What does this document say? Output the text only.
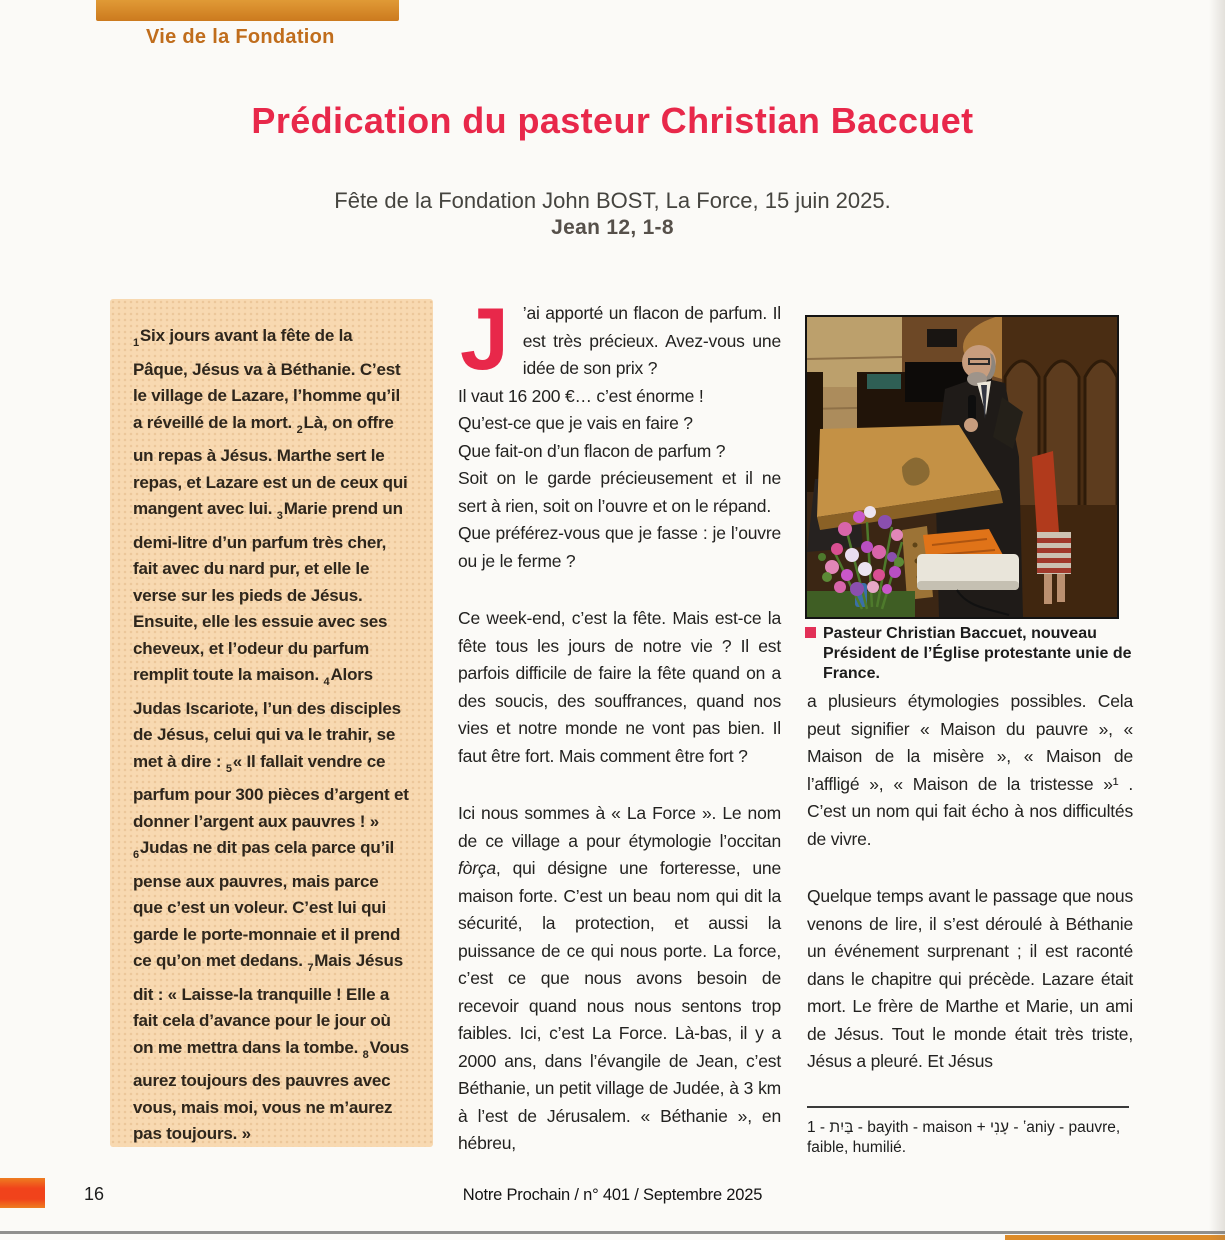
Vie de la Fondation
Prédication du pasteur Christian Baccuet
Fête de la Fondation John BOST, La Force, 15 juin 2025.
Jean 12, 1-8

$_1$Six jours avant la fête de la Pâque, Jésus va à Béthanie. C’est le village de Lazare, l’homme qu’il a réveillé de la mort. $_2$Là, on offre un repas à Jésus. Marthe sert le repas, et Lazare est un de ceux qui mangent avec lui. $_3$Marie prend un demi-litre d’un parfum très cher, fait avec du nard pur, et elle le verse sur les pieds de Jésus. Ensuite, elle les essuie avec ses cheveux, et l’odeur du parfum remplit toute la maison. $_4$Alors Judas Iscariote, l’un des disciples de Jésus, celui qui va le trahir, se met à dire : $_5$« Il fallait vendre ce parfum pour 300 pièces d’argent et donner l’argent aux pauvres ! » $_6$Judas ne dit pas cela parce qu’il pense aux pauvres, mais parce que c’est un voleur. C’est lui qui garde le porte-monnaie et il prend ce qu’on met dedans. $_7$Mais Jésus dit : « Laisse-la tranquille ! Elle a fait cela d’avance pour le jour où on me mettra dans la tombe. $_8$Vous aurez toujours des pauvres avec vous, mais moi, vous ne m’aurez pas toujours. »

J ’ai apporté un flacon de parfum. Il est très précieux. Avez-vous une idée de son prix ?
Il vaut 16 200 €… c’est énorme !
Qu’est-ce que je vais en faire ?
Que fait-on d’un flacon de parfum ?
Soit on le garde précieusement et il ne sert à rien, soit on l’ouvre et on le répand.
Que préférez-vous que je fasse : je l’ouvre ou je le ferme ?

Ce week-end, c’est la fête. Mais est-ce la fête tous les jours de notre vie ? Il est parfois difficile de faire la fête quand on a des soucis, des souffrances, quand nos vies et notre monde ne vont pas bien. Il faut être fort. Mais comment être fort ?

Ici nous sommes à « La Force ». Le nom de ce village a pour étymologie l’occitan fòrça, qui désigne une forteresse, une maison forte. C’est un beau nom qui dit la sécurité, la protection, et aussi la puissance de ce qui nous porte. La force, c’est ce que nous avons besoin de recevoir quand nous nous sentons trop faibles. Ici, c’est La Force. Là-bas, il y a 2000 ans, dans l’évangile de Jean, c’est Béthanie, un petit village de Judée, à 3 km à l’est de Jérusalem. « Béthanie », en hébreu,

Pasteur Christian Baccuet, nouveau Président de l’Église protestante unie de France.

a plusieurs étymologies possibles. Cela peut signifier « Maison du pauvre », « Maison de la misère », « Maison de l’affligé », « Maison de la tristesse »¹ . C’est un nom qui fait écho à nos difficultés de vivre.

Quelque temps avant le passage que nous venons de lire, il s’est déroulé à Béthanie un événement surprenant ; il est raconté dans le chapitre qui précède. Lazare était mort. Le frère de Marthe et Marie, un ami de Jésus. Tout le monde était très triste, Jésus a pleuré. Et Jésus

1 - בַּיִת - bayith - maison + עָנִי - ʽaniy - pauvre, faible, humilié.

16	Notre Prochain / n° 401 / Septembre 2025
